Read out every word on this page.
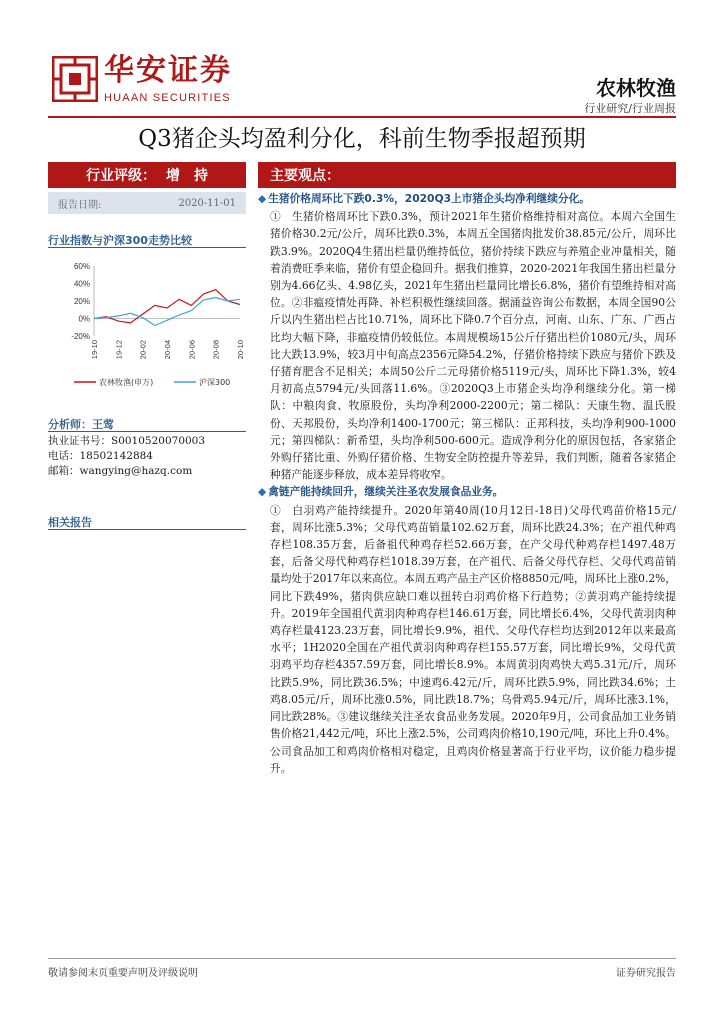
华安证券
HUAAN SECURITIES	农林牧渔
行业研究/行业周报
Q3猪企头均盈利分化，科前生物季报超预期
行业评级： 增　持
报告日期:	2020-11-01
行业指数与沪深300走势比较
60%
40%
20%
0%
-20%
19-10 19-12 20-02 20-04 20-06 20-08 20-10
农林牧渔(申万)	沪深300
分析师：王莺
执业证书号：S0010520070003
电话：18502142884
邮箱：wangying@hazq.com
相关报告
主要观点：
◆ 生猪价格周环比下跌0.3%，2020Q3上市猪企头均净利继续分化。
①　生猪价格周环比下跌0.3%，预计2021年生猪价格维持相对高位。本周六全国生猪价格30.2元/公斤，周环比跌0.3%，本周五全国猪肉批发价38.85元/公斤，周环比跌3.9%。2020Q4生猪出栏量仍维持低位，猪价持续下跌应与养殖企业冲量相关，随着消费旺季来临，猪价有望企稳回升。据我们推算，2020-2021年我国生猪出栏量分别为4.66亿头、4.98亿头，2021年生猪出栏量同比增长6.8%，猪价有望维持相对高位。②非瘟疫情处再降、补栏积极性继续回落。据涌益咨询公布数据，本周全国90公斤以内生猪出栏占比10.71%，周环比下降0.7个百分点，河南、山东、广东、广西占比均大幅下降，非瘟疫情仍较低位。本周规模场15公斤仔猪出栏价1080元/头，周环比大跌13.9%，较3月中旬高点2356元降54.2%，仔猪价格持续下跌应与猪价下跌及仔猪育肥含不足相关；本周50公斤二元母猪价格5119元/头，周环比下降1.3%，较4月初高点5794元/头回落11.6%。③2020Q3上市猪企头均净利继续分化。第一梯队：中粮肉食、牧原股份，头均净利2000-2200元；第二梯队：天康生物、温氏股份、天邦股份，头均净利1400-1700元；第三梯队：正邦科技，头均净利900-1000元；第四梯队：新希望，头均净利500-600元。造成净利分化的原因包括，各家猪企外购仔猪比重、外购仔猪价格、生物安全防控提升等差异，我们判断，随着各家猪企种猪产能逐步释放，成本差异将收窄。
◆ 禽链产能持续回升，继续关注圣农发展食品业务。
①　白羽鸡产能持续提升。2020年第40周(10月12日-18日)父母代鸡苗价格15元/套，周环比涨5.3%；父母代鸡苗销量102.62万套，周环比跌24.3%；在产祖代种鸡存栏108.35万套，后备祖代种鸡存栏52.66万套，在产父母代种鸡存栏1497.48万套，后备父母代种鸡存栏1018.39万套，在产祖代、后备父母代存栏、父母代鸡苗销量均处于2017年以来高位。本周五鸡产品主产区价格8850元/吨，周环比上涨0.2%，同比下跌49%，猪肉供应缺口难以扭转白羽鸡价格下行趋势；②黄羽鸡产能持续提升。2019年全国祖代黄羽肉种鸡存栏146.61万套，同比增长6.4%，父母代黄羽肉种鸡存栏量4123.23万套，同比增长9.9%，祖代、父母代存栏均达到2012年以来最高水平；1H2020全国在产祖代黄羽肉种鸡存栏155.57万套，同比增长9%，父母代黄羽鸡平均存栏4357.59万套，同比增长8.9%。本周黄羽肉鸡快大鸡5.31元/斤，周环比跌5.9%，同比跌36.5%；中速鸡6.42元/斤，周环比跌5.9%，同比跌34.6%；土鸡8.05元/斤，周环比涨0.5%，同比跌18.7%；乌骨鸡5.94元/斤，周环比涨3.1%，同比跌28%。③建议继续关注圣农食品业务发展。2020年9月，公司食品加工业务销售价格21,442元/吨，环比上涨2.5%，公司鸡肉价格10,190元/吨，环比上升0.4%。公司食品加工和鸡肉价格相对稳定，且鸡肉价格显著高于行业平均，议价能力稳步提升。
敬请参阅末页重要声明及评级说明	证券研究报告
